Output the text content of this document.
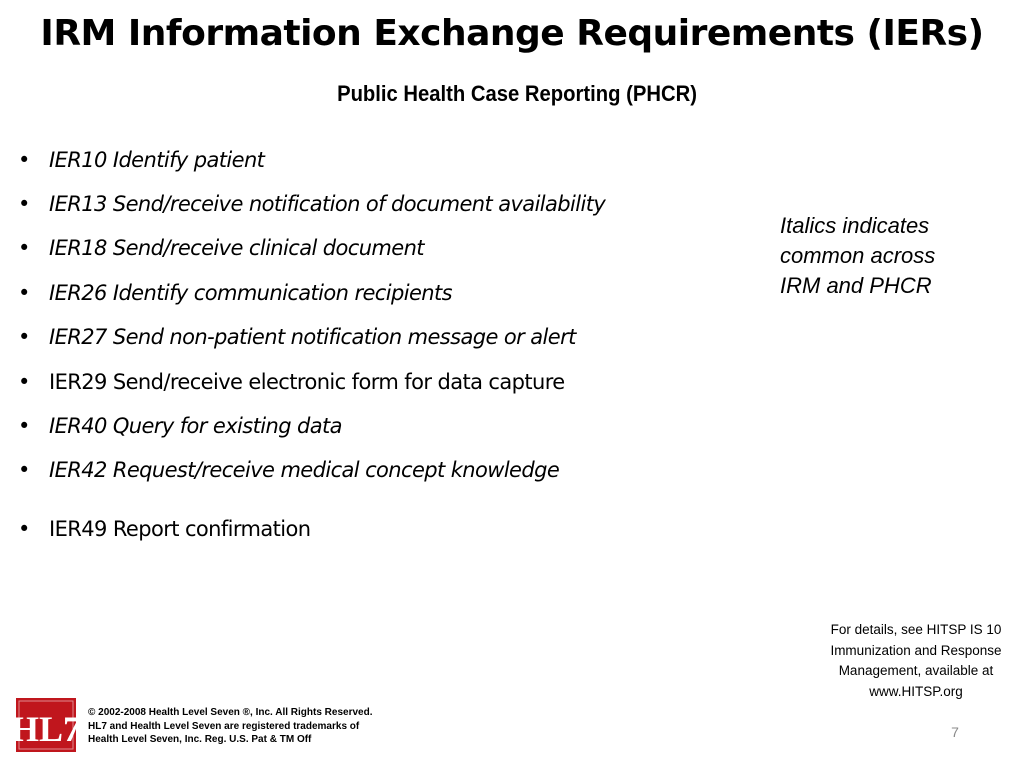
IRM Information Exchange Requirements (IERs)
Public Health Case Reporting (PHCR)
• IER10 Identify patient
• IER13 Send/receive notification of document availability
• IER18 Send/receive clinical document
• IER26 Identify communication recipients
• IER27 Send non-patient notification message or alert
• IER29 Send/receive electronic form for data capture
• IER40 Query for existing data
• IER42 Request/receive medical concept knowledge
• IER49 Report confirmation
Italics indicates
common across
IRM and PHCR
For details, see HITSP IS 10
Immunization and Response
Management, available at
www.HITSP.org
HL7 © 2002-2008 Health Level Seven ®, Inc. All Rights Reserved.
HL7 and Health Level Seven are registered trademarks of
Health Level Seven, Inc. Reg. U.S. Pat & TM Off	7
